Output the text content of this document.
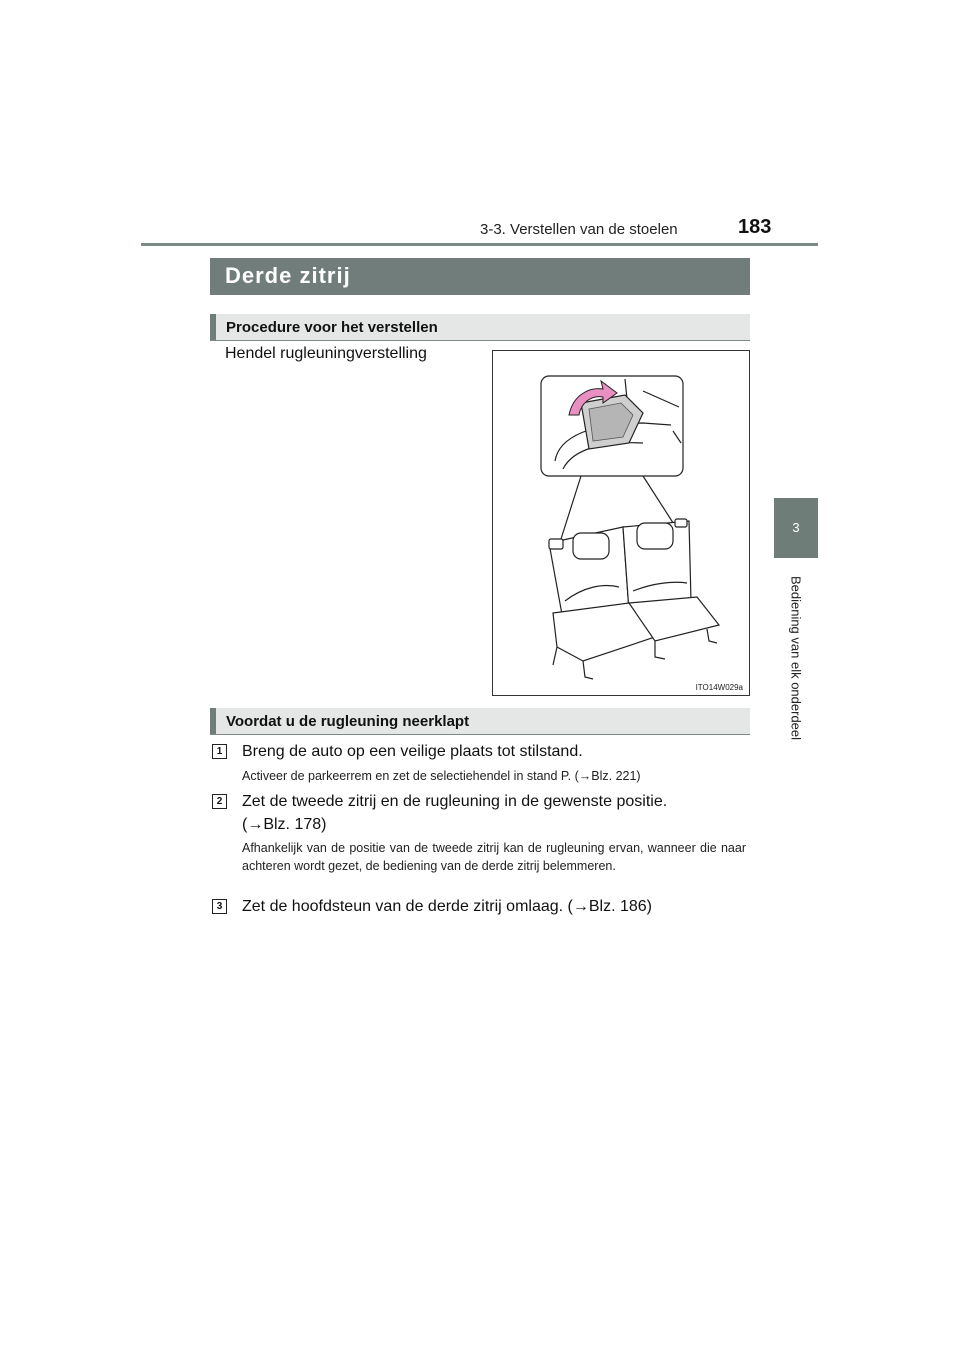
3-3. Verstellen van de stoelen	183
3
Bediening van elk onderdeel
Derde zitrij
Procedure voor het verstellen
Hendel rugleuningverstelling
ITO14W029a
Voordat u de rugleuning neerklapt
1 Breng de auto op een veilige plaats tot stilstand.
Activeer de parkeerrem en zet de selectiehendel in stand P. (→Blz. 221)
2 Zet de tweede zitrij en de rugleuning in de gewenste positie. (→Blz. 178)
Afhankelijk van de positie van de tweede zitrij kan de rugleuning ervan, wanneer die naar achteren wordt gezet, de bediening van de derde zitrij belemmeren.
3 Zet de hoofdsteun van de derde zitrij omlaag. (→Blz. 186)
